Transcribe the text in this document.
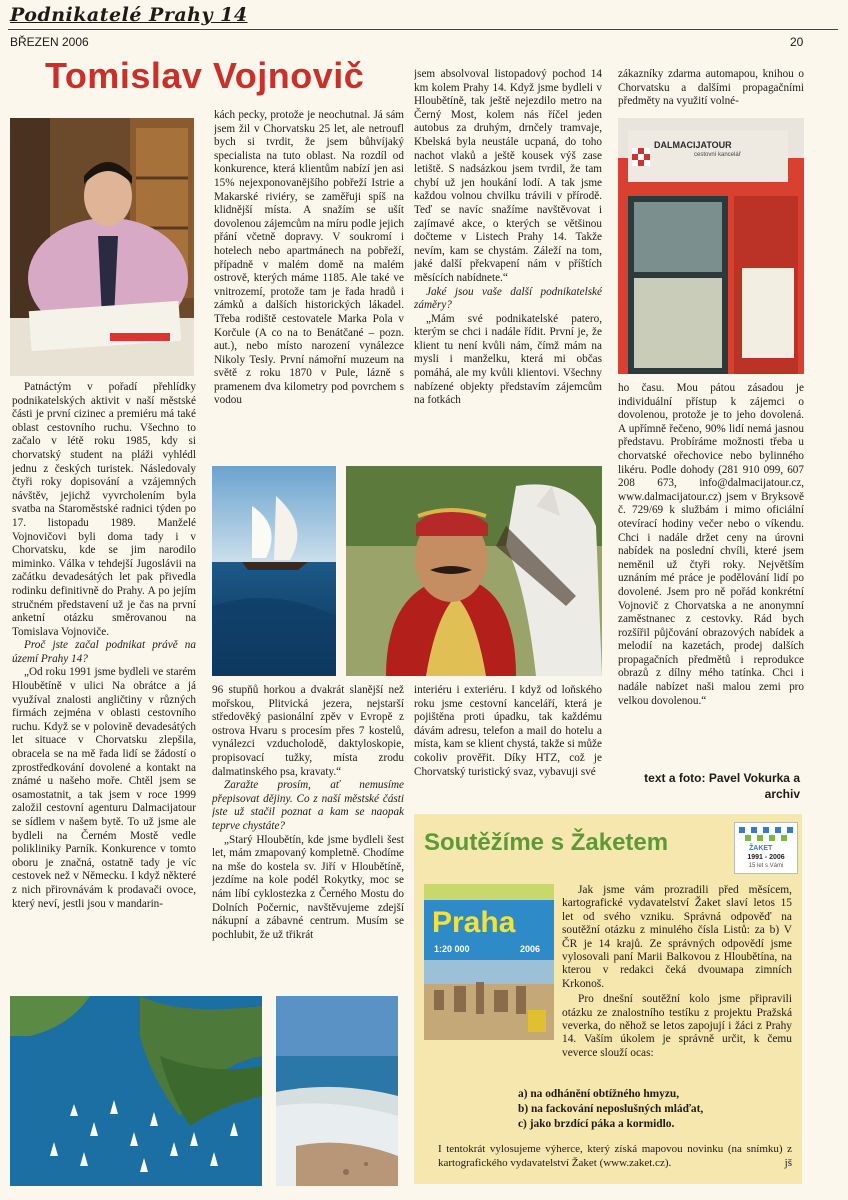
Podnikatelé Prahy 14
BŘEZEN 2006	20
Tomislav Vojnovič
DALMACIJATOUR
cestovní kancelář

Patnáctým v pořadí přehlídky podnikatelských aktivit v naší městské části je první cizinec a premiéru má také oblast cestovního ruchu. Všechno to začalo v létě roku 1985, kdy si chorvatský student na pláži vyhlédl jednu z českých turistek. Následovaly čtyři roky dopisování a vzájemných návštěv, jejichž vyvrcholením byla svatba na Staroměstské radnici týden po 17. listopadu 1989. Manželé Vojnovičovi byli doma tady i v Chorvatsku, kde se jim narodilo miminko. Válka v tehdejší Jugoslávii na začátku devadesátých let pak přivedla rodinku definitivně do Prahy. A po jejím stručném představení už je čas na první anketní otázku směrovanou na Tomislava Vojnoviče.

Proč jste začal podnikat právě na území Prahy 14?

„Od roku 1991 jsme bydleli ve starém Hloubětíně v ulici Na obrátce a já využíval znalosti angličtiny v různých firmách zejména v oblasti cestovního ruchu. Když se v polovině devadesátých let situace v Chorvatsku zlepšila, obracela se na mě řada lidí se žádostí o zprostředkování dovolené a kontakt na známé u našeho moře. Chtěl jsem se osamostatnit, a tak jsem v roce 1999 založil cestovní agenturu Dalmacijatour se sídlem v našem bytě. To už jsme ale bydleli na Černém Mostě vedle polikliniky Parník. Konkurence v tomto oboru je značná, ostatně tady je víc cestovek než v Německu. I když některé z nich přirovnávám k prodavači ovoce, který neví, jestli jsou v mandarin-

kách pecky, protože je neochutnal. Já sám jsem žil v Chorvatsku 25 let, ale netroufl bych si tvrdit, že jsem bůhvíjaký specialista na tuto oblast. Na rozdíl od konkurence, která klientům nabízí jen asi 15% nejexponovanějšího pobřeží Istrie a Makarské riviéry, se zaměřuji spíš na klidnější místa. A snažím se ušít dovolenou zájemcům na míru podle jejich přání včetně dopravy. V soukromí i hotelech nebo apartmánech na pobřeží, případně v malém domě na malém ostrově, kterých máme 1185. Ale také ve vnitrozemí, protože tam je řada hradů i zámků a dalších historických lákadel. Třeba rodiště cestovatele Marka Pola v Korčule (A co na to Benátčané – pozn. aut.), nebo místo narození vynálezce Nikoly Tesly. První námořní muzeum na světě z roku 1870 v Pule, lázně s pramenem dva kilometry pod povrchem s vodou

jsem absolvoval listopadový pochod 14 km kolem Prahy 14. Když jsme bydleli v Hloubětíně, tak ještě nejezdilo metro na Černý Most, kolem nás říčel jeden autobus za druhým, drnčely tramvaje, Kbelská byla neustále ucpaná, do toho nachot vlaků a ještě kousek výš zase letiště. S nadsázkou jsem tvrdil, že tam chybí už jen houkání lodí. A tak jsme každou volnou chvilku trávili v přírodě. Teď se navíc snažíme navštěvovat i zajímavé akce, o kterých se většinou dočteme v Listech Prahy 14. Takže nevím, kam se chystám. Záleží na tom, jaké další překvapení nám v příštích měsících nabídnete.“

Jaké jsou vaše další podnikatelské záměry?

„Mám své podnikatelské patero, kterým se chci i nadále řídit. První je, že klient tu není kvůli nám, čímž mám na mysli i manželku, která mi občas pomáhá, ale my kvůli klientovi. Všechny nabízené objekty představím zájemcům na fotkách

zákazníky zdarma automapou, knihou o Chorvatsku a dalšími propagačními předměty na využití volné-

ho času. Mou pátou zásadou je individuální přístup k zájemci o dovolenou, protože je to jeho dovolená. A upřímně řečeno, 90% lidí nemá jasnou představu. Probíráme možnosti třeba u chorvatské ořechovice nebo bylinného likéru. Podle dohody (281 910 099, 607 208 673, info@dalmacijatour.cz, www.dalmacijatour.cz) jsem v Bryksově č. 729/69 k službám i mimo oficiální otevírací hodiny večer nebo o víkendu. Chci i nadále držet ceny na úrovni nabídek na poslední chvíli, které jsem neměnil už čtyři roky. Největším uznáním mé práce je podělování lidí po dovolené. Jsem pro ně pořád konkrétní Vojnovič z Chorvatska a ne anonymní zaměstnanec z cestovky. Rád bych rozšířil půjčování obrazových nabídek a melodií na kazetách, prodej dalších propagačních předmětů i reprodukce obrazů z dílny mého tatínka. Chci i nadále nabízet naši malou zemi pro velkou dovolenou.“

96 stupňů horkou a dvakrát slanější než mořskou, Plitvická jezera, nejstarší středověký pasionální zpěv v Evropě z ostrova Hvaru s procesím přes 7 kostelů, vynálezci vzducholodě, daktyloskopie, propisovací tužky, místa zrodu dalmatinského psa, kravaty.“

Zaražte prosím, ať nemusíme přepisovat dějiny. Co z naší městské části jste už stačil poznat a kam se naopak teprve chystáte?

„Starý Hloubětín, kde jsme bydleli šest let, mám zmapovaný kompletně. Chodíme na mše do kostela sv. Jiří v Hloubětíně, jezdíme na kole podél Rokytky, moc se nám líbí cyklostezka z Černého Mostu do Dolních Počernic, navštěvujeme zdejší nákupní a zábavné centrum. Musím se pochlubit, že už třikrát

interiéru i exteriéru. I když od loňského roku jsme cestovní kanceláří, která je pojištěna proti úpadku, tak každému dávám adresu, telefon a mail do hotelu a místa, kam se klient chystá, takže si může cokoliv prověřit. Díky HTZ, což je Chorvatský turistický svaz, vybavuji své	text a foto: Pavel Vokurka a archiv
Soutěžíme s Žaketem	ŽAKET
1991 - 2006
15 let s Vámi
Praha
1:20 000	2006

Jak jsme vám prozradili před měsícem, kartografické vydavatelství Žaket slaví letos 15 let od svého vzniku. Správná odpověď na soutěžní otázku z minulého čísla Listů: za b) V ČR je 14 krajů. Ze správných odpovědí jsme vylosovali paní Marii Balkovou z Hloubětína, na kterou v redakci čeká dvouмapa zimních Krkonoš.

Pro dnešní soutěžní kolo jsme připravili otázku ze znalostního testíku z projektu Pražská veverka, do něhož se letos zapojují i žáci z Prahy 14. Vaším úkolem je správně určit, k čemu veverce slouží ocas:

a) na odhánění obtížného hmyzu,
b) na fackování neposlušných mláďat,
c) jako brzdící páka a kormidlo.
I tentokrát vylosujeme výherce, který získá mapovou novinku (na snímku) z kartografického vydavatelství Žaket (www.zaket.cz).	jš
